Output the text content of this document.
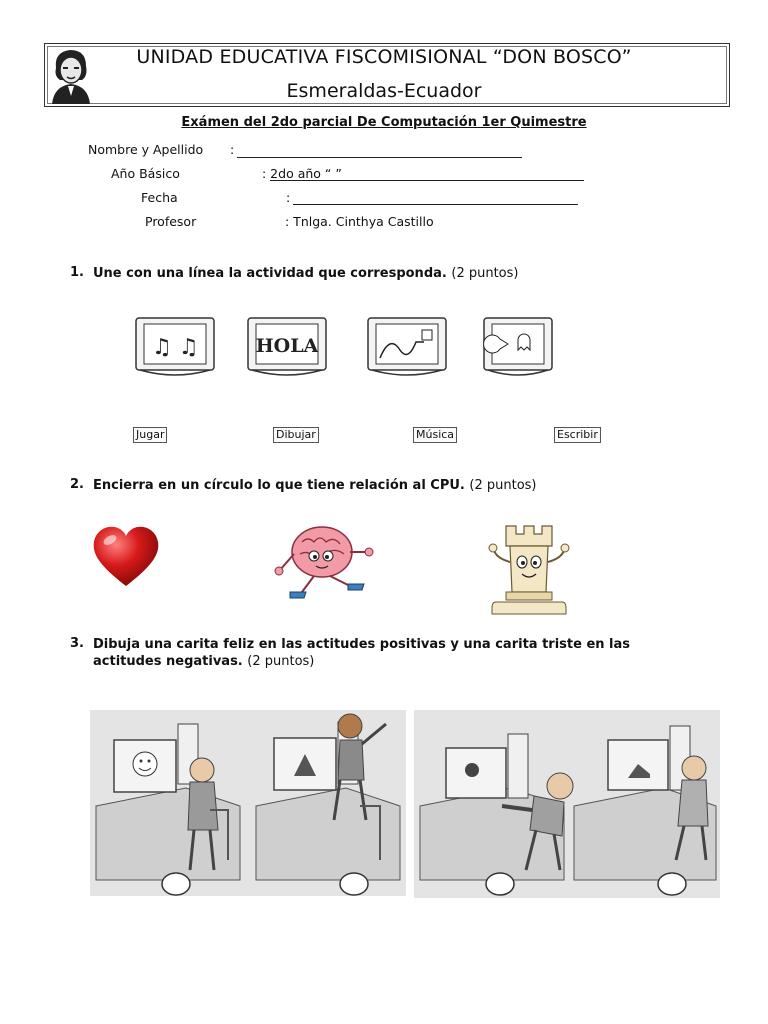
UNIDAD EDUCATIVA FISCOMISIONAL “DON BOSCO”
Esmeraldas-Ecuador
Exámen del 2do parcial De Computación 1er Quimestre
Nombre y Apellido :
Año Básico	: 2do año “ ”
Fecha	:
Profesor	: Tnlga. Cinthya Castillo
1. Une con una línea la actividad que corresponda. (2 puntos)
♫ ♫	HOLA
Jugar	Dibujar	Música	Escribir
2. Encierra en un círculo lo que tiene relación al CPU. (2 puntos)
3. Dibuja una carita feliz en las actitudes positivas y una carita triste en las actitudes negativas. (2 puntos)
